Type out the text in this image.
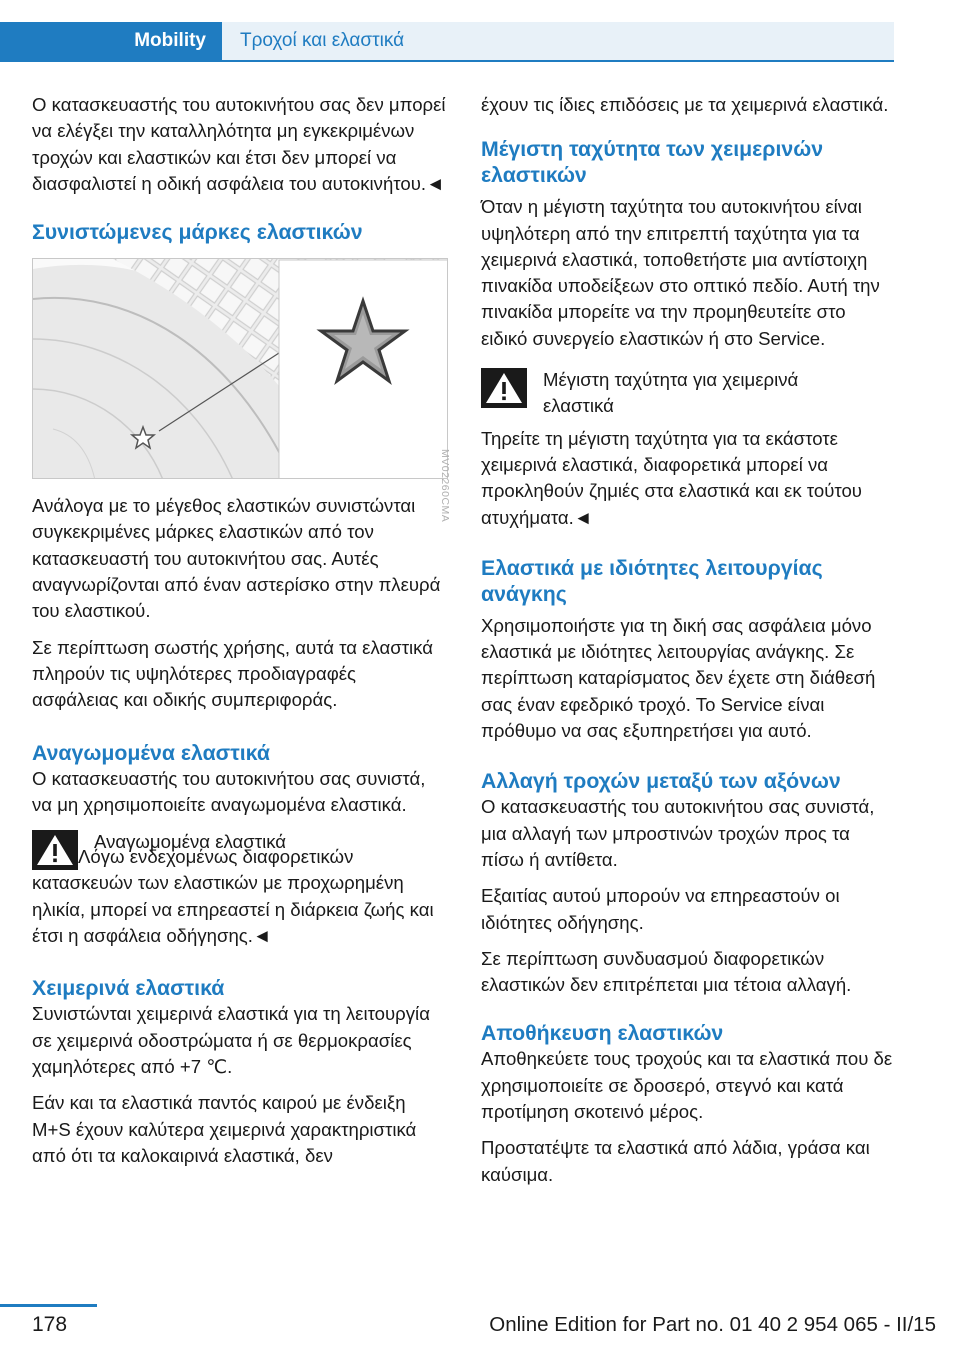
Mobility	Τροχοί και ελαστικά

Ο κατασκευαστής του αυτοκινήτου σας δεν μπορεί να ελέγξει την καταλληλότητα μη εγκεκριμένων τροχών και ελαστικών και έτσι δεν μπορεί να διασφαλιστεί η οδική ασφάλεια του αυτοκινήτου.◄

Συνιστώμενες μάρκες ελαστικών

Ανάλογα με το μέγεθος ελαστικών συνιστώνται συγκεκριμένες μάρκες ελαστικών από τον κατασκευαστή του αυτοκινήτου σας. Αυτές αναγνωρίζονται από έναν αστερίσκο στην πλευρά του ελαστικού.

Σε περίπτωση σωστής χρήσης, αυτά τα ελαστικά πληρούν τις υψηλότερες προδιαγραφές ασφάλειας και οδικής συμπεριφοράς.

Αναγωμομένα ελαστικά

Ο κατασκευαστής του αυτοκινήτου σας συνιστά, να μη χρησιμοποιείτε αναγωμομένα ελαστικά.

Αναγωμομένα ελαστικά

Λόγω ενδεχομένως διαφορετικών κατασκευών των ελαστικών με προχωρημένη ηλικία, μπορεί να επηρεαστεί η διάρκεια ζωής και έτσι η ασφάλεια οδήγησης.◄

Χειμερινά ελαστικά

Συνιστώνται χειμερινά ελαστικά για τη λειτουργία σε χειμερινά οδοστρώματα ή σε θερμοκρασίες χαμηλότερες από +7 ℃.

Εάν και τα ελαστικά παντός καιρού με ένδειξη M+S έχουν καλύτερα χειμερινά χαρακτηριστικά από ότι τα καλοκαιρινά ελαστικά, δεν

MV02260CMA

έχουν τις ίδιες επιδόσεις με τα χειμερινά ελαστικά.

Μέγιστη ταχύτητα των χειμερινών ελαστικών

Όταν η μέγιστη ταχύτητα του αυτοκινήτου είναι υψηλότερη από την επιτρεπτή ταχύτητα για τα χειμερινά ελαστικά, τοποθετήστε μια αντίστοιχη πινακίδα υποδείξεων στο οπτικό πεδίο. Αυτή την πινακίδα μπορείτε να την προμηθευτείτε στο ειδικό συνεργείο ελαστικών ή στο Service.

Μέγιστη ταχύτητα για χειμερινά ελαστικά

Τηρείτε τη μέγιστη ταχύτητα για τα εκάστοτε χειμερινά ελαστικά, διαφορετικά μπορεί να προκληθούν ζημιές στα ελαστικά και εκ τούτου ατυχήματα.◄

Ελαστικά με ιδιότητες λειτουργίας ανάγκης

Χρησιμοποιήστε για τη δική σας ασφάλεια μόνο ελαστικά με ιδιότητες λειτουργίας ανάγκης. Σε περίπτωση καταρίσματος δεν έχετε στη διάθεσή σας έναν εφεδρικό τροχό. Το Service είναι πρόθυμο να σας εξυπηρετήσει για αυτό.

Αλλαγή τροχών μεταξύ των αξόνων

Ο κατασκευαστής του αυτοκινήτου σας συνιστά, μια αλλαγή των μπροστινών τροχών προς τα πίσω ή αντίθετα.

Εξαιτίας αυτού μπορούν να επηρεαστούν οι ιδιότητες οδήγησης.

Σε περίπτωση συνδυασμού διαφορετικών ελαστικών δεν επιτρέπεται μια τέτοια αλλαγή.

Αποθήκευση ελαστικών

Αποθηκεύετε τους τροχούς και τα ελαστικά που δε χρησιμοποιείτε σε δροσερό, στεγνό και κατά προτίμηση σκοτεινό μέρος.

Προστατέψτε τα ελαστικά από λάδια, γράσα και καύσιμα.

178	Online Edition for Part no. 01 40 2 954 065 - II/15
